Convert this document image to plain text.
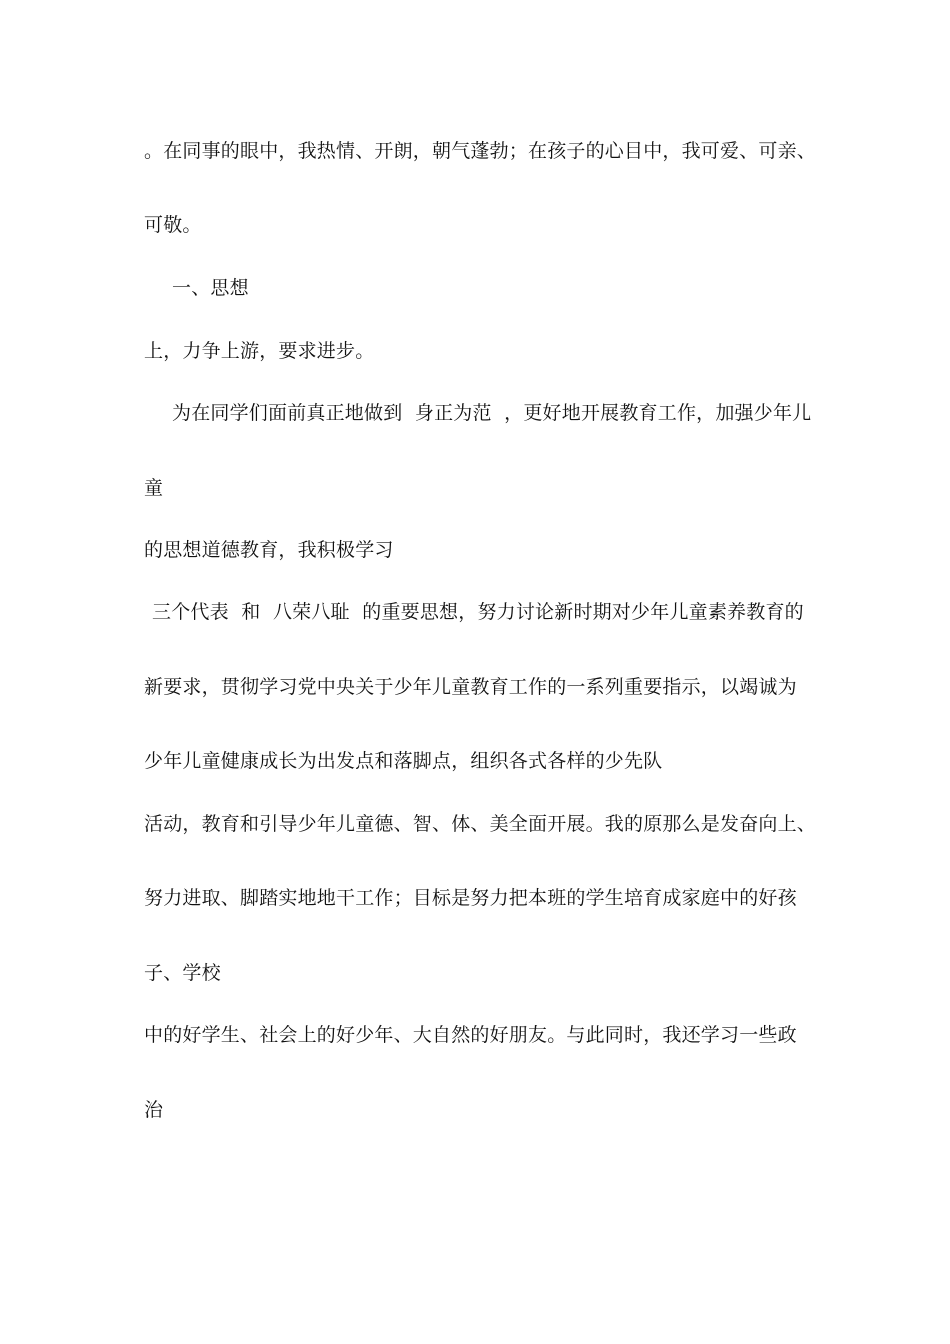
。在同事的眼中，我热情、开朗，朝气蓬勃；在孩子的心目中，我可爱、可亲、
可敬。
一、思想
上，力争上游，要求进步。
为在同学们面前真正地做到  身正为范  ，更好地开展教育工作，加强少年儿
童
的思想道德教育，我积极学习
三个代表  和  八荣八耻  的重要思想，努力讨论新时期对少年儿童素养教育的
新要求，贯彻学习党中央关于少年儿童教育工作的一系列重要指示，以竭诚为
少年儿童健康成长为出发点和落脚点，组织各式各样的少先队
活动，教育和引导少年儿童德、智、体、美全面开展。我的原那么是发奋向上、
努力进取、脚踏实地地干工作；目标是努力把本班的学生培育成家庭中的好孩
子、学校
中的好学生、社会上的好少年、大自然的好朋友。与此同时，我还学习一些政
治
